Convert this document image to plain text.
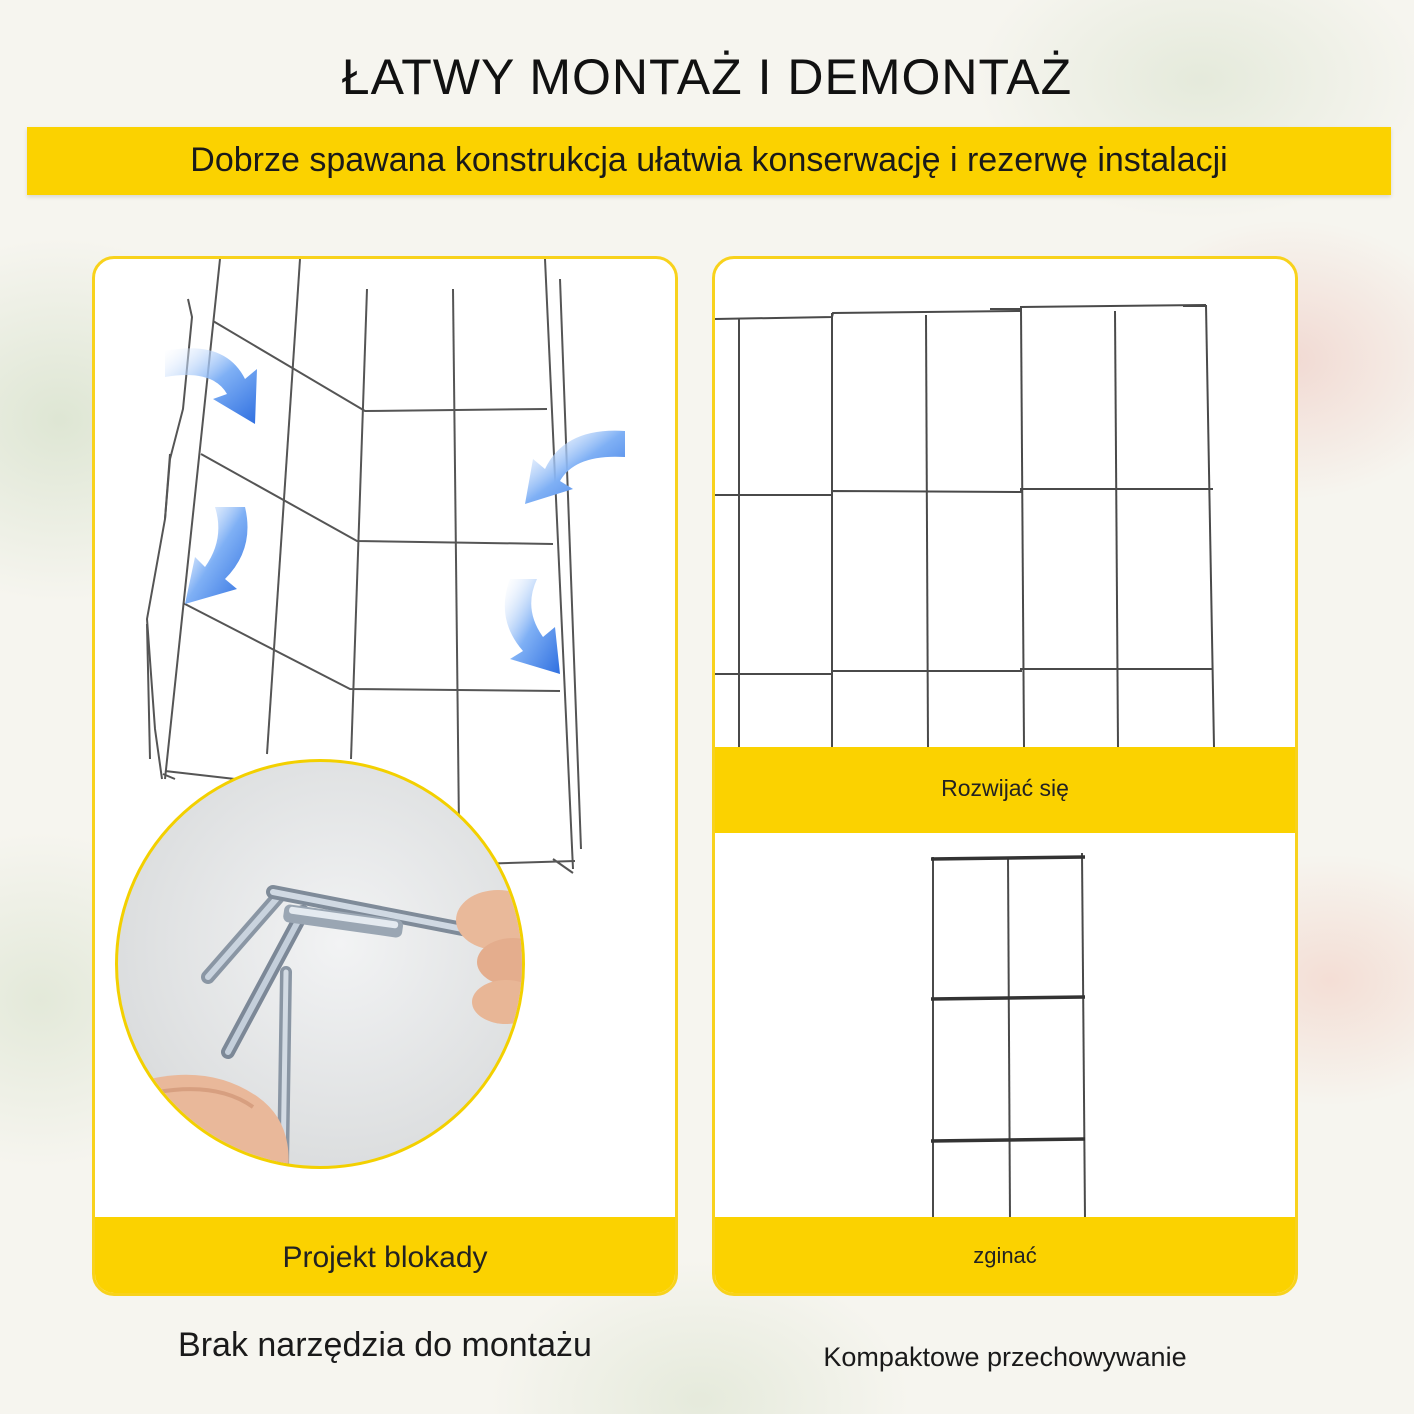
ŁATWY MONTAŻ I DEMONTAŻ
Dobrze spawana konstrukcja ułatwia konserwację i rezerwę instalacji
Projekt blokady
Rozwijać się
zginać
Brak narzędzia do montażu	Kompaktowe przechowywanie
